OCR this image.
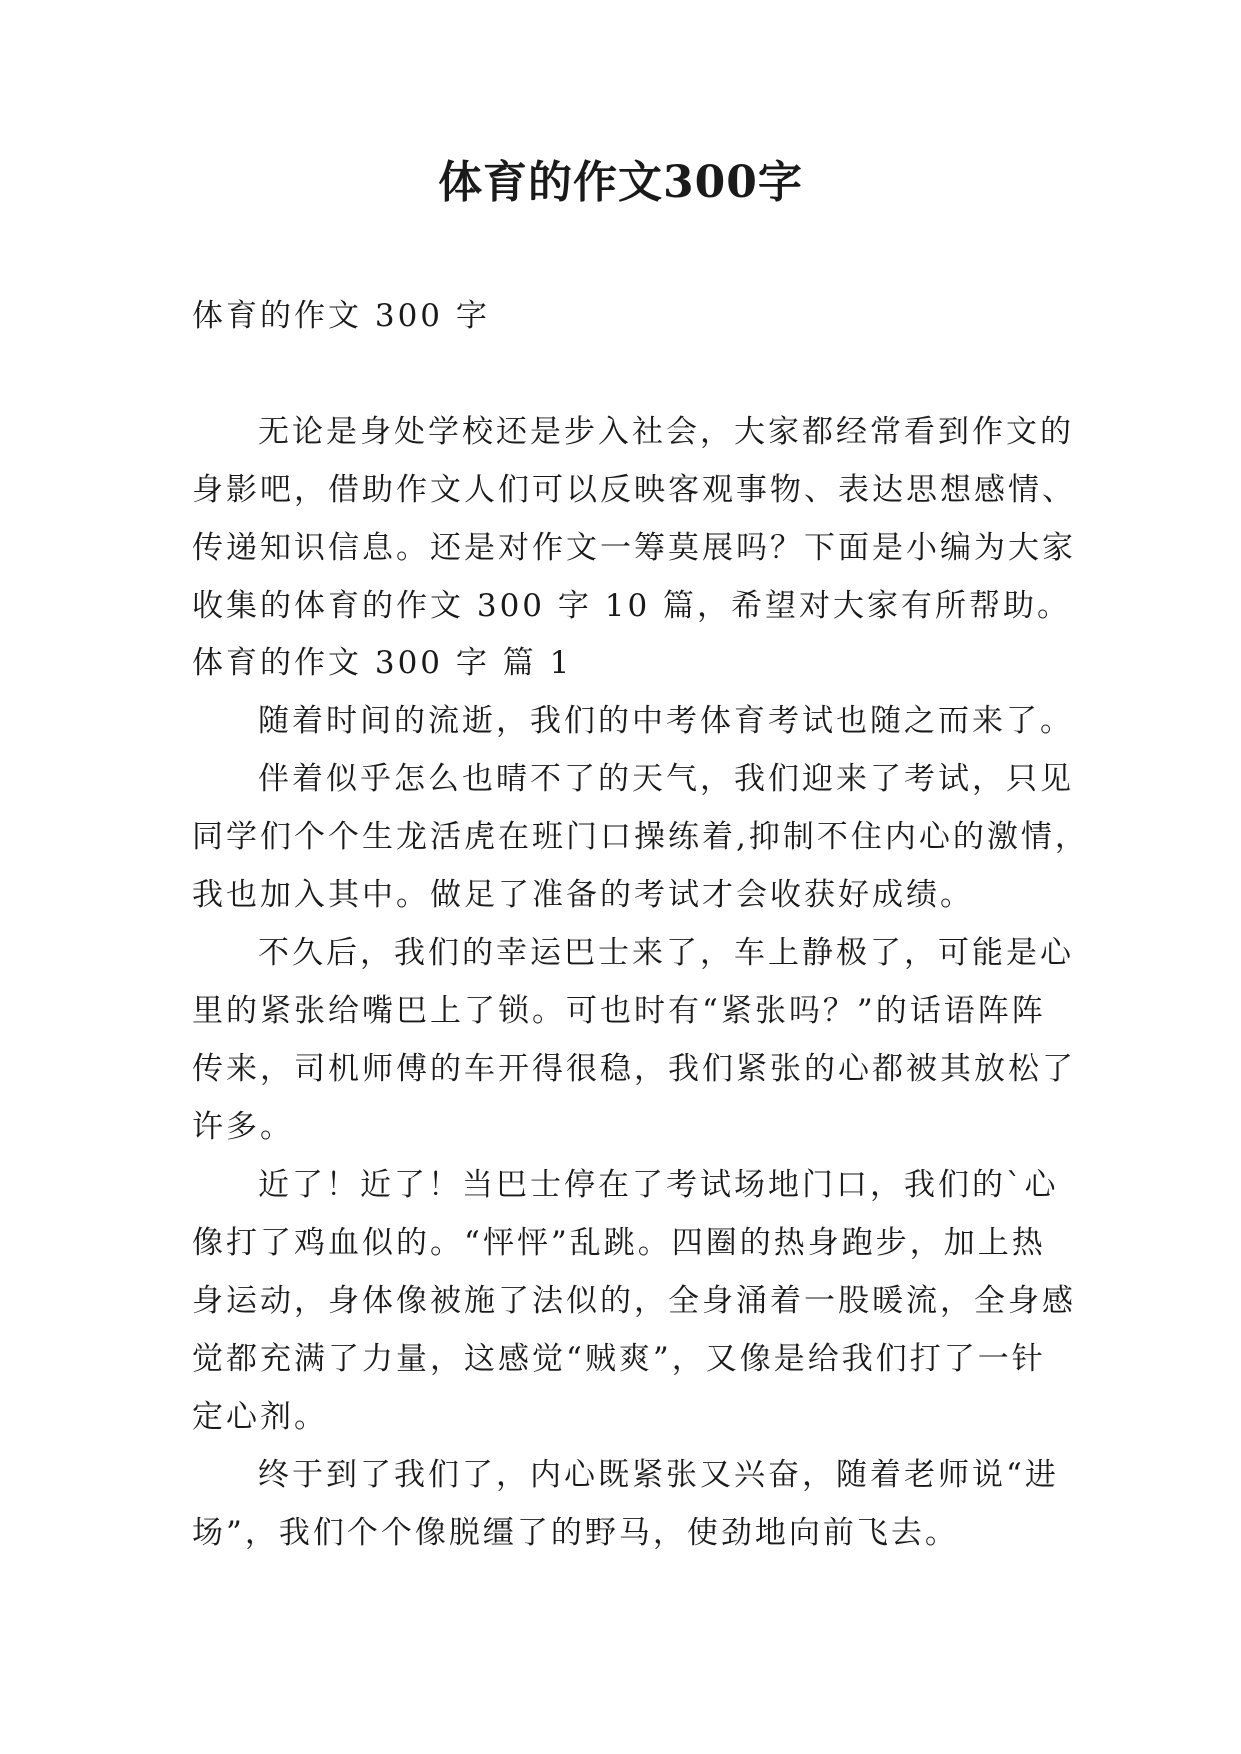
体育的作文300字
体育的作文 300 字
无论是身处学校还是步入社会，大家都经常看到作文的
身影吧，借助作文人们可以反映客观事物、表达思想感情、
传递知识信息。还是对作文一筹莫展吗？下面是小编为大家
收集的体育的作文 300 字 10 篇，希望对大家有所帮助。
体育的作文 300 字 篇 1
随着时间的流逝，我们的中考体育考试也随之而来了。
伴着似乎怎么也晴不了的天气，我们迎来了考试，只见
同学们个个生龙活虎在班门口操练着,抑制不住内心的激情，
我也加入其中。做足了准备的考试才会收获好成绩。
不久后，我们的幸运巴士来了，车上静极了，可能是心
里的紧张给嘴巴上了锁。可也时有“紧张吗？”的话语阵阵
传来，司机师傅的车开得很稳，我们紧张的心都被其放松了
许多。
近了！近了！当巴士停在了考试场地门口，我们的`心
像打了鸡血似的。“怦怦”乱跳。四圈的热身跑步，加上热
身运动，身体像被施了法似的，全身涌着一股暖流，全身感
觉都充满了力量，这感觉“贼爽”，又像是给我们打了一针
定心剂。
终于到了我们了，内心既紧张又兴奋，随着老师说“进
场”，我们个个像脱缰了的野马，使劲地向前飞去。
